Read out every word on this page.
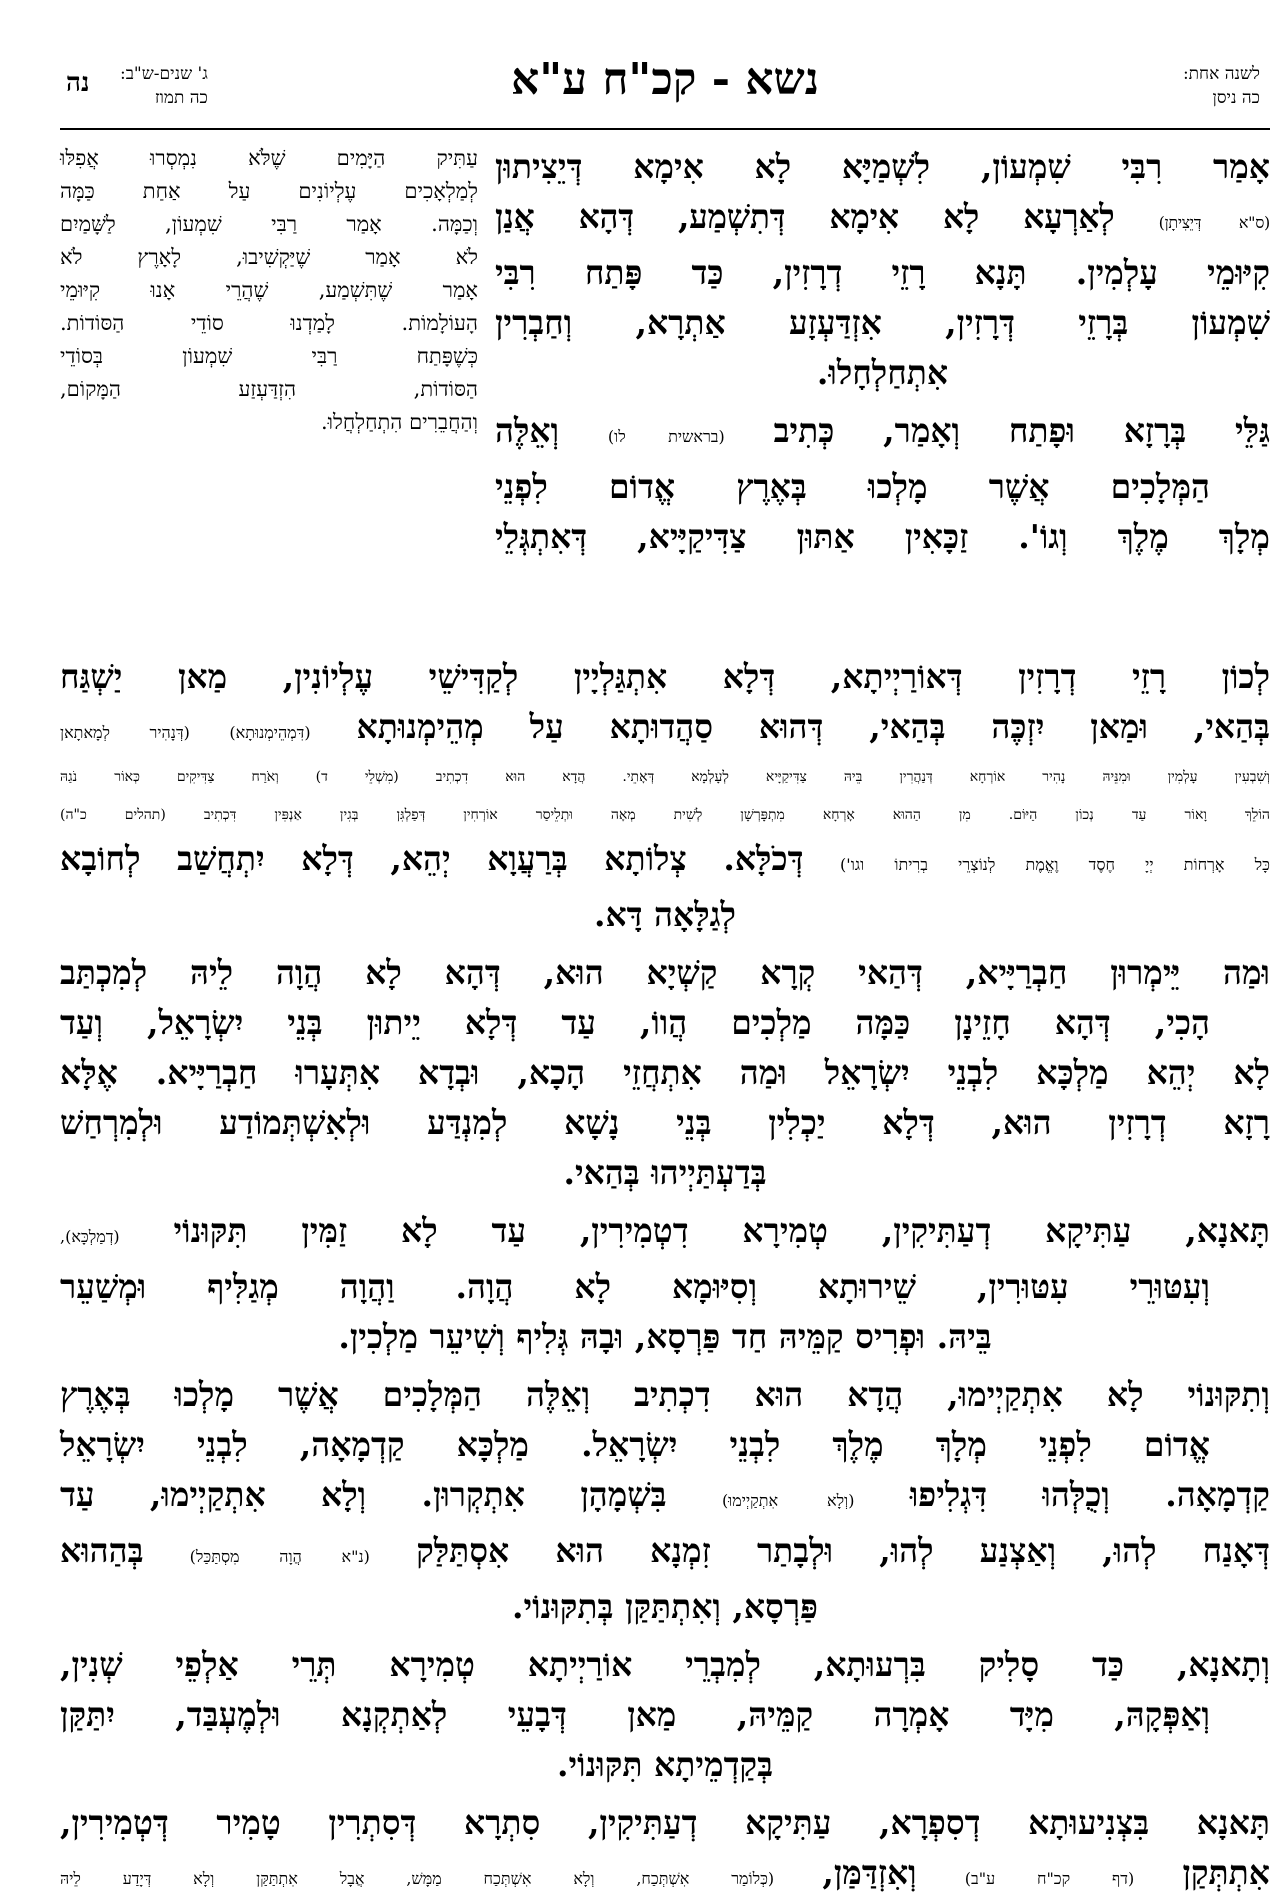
לשנה אחת:
כה ניסן
נשא - קכ"ח ע"א
ג' שנים-ש"ב:
כה תמוז
נה
עַתִּיק הַיָּמִים שֶׁלֹּא נִמְסְרוּ אֲפִלּוּ
לְמַלְאָכִים עֶלְיוֹנִים עַל אַחַת כַּמָּה
וְכַמָּה. אָמַר רַבִּי שִׁמְעוֹן, לַשָּׁמַיִם
לֹא אָמַר שֶׁיַּקְשִׁיבוּ, לָאָרֶץ לֹא
אָמַר שֶׁתִּשְׁמַע, שֶׁהֲרֵי אָנוּ קִיּוּמֵי
הָעוֹלָמוֹת. לָמַדְנוּ סוֹדֵי הַסּוֹדוֹת.
כְּשֶׁפָּתַח רַבִּי שִׁמְעוֹן בְּסוֹדֵי
הַסּוֹדוֹת, הִזְדַּעְזַע הַמָּקוֹם,
וְהַחֲבֵרִים הִתְחַלְחֲלוּ.
אָמַר רִבִּי שִׁמְעוֹן, לִשְׁמַיָּא לָא אִימָא דְּיֵצִיתוּן
(ס"א דְּיֵצִיתָן) לְאַרְעָא לָא אִימָא דְּתִשְׁמַע, דְּהָא אֲנַן
קִיּוּמֵי עָלְמִין. תָּנָא רָזֵי דְרָזִין, כַּד פָּתַח רִבִּי
שִׁמְעוֹן בְּרָזֵי דְּרָזִין, אִזְדַּעְזָע אַתְרָא, וְחַבְרִין
אִתְחַלְחָלוּ.
גַּלֵּי בְּרָזָא וּפָתַח וְאָמַר, כְּתִיב (בראשית לו) וְאֵלֶּה
הַמְּלָכִים אֲשֶׁר מָלְכוּ בְּאֶרֶץ אֱדוֹם לִפְנֵי
מְלָךְ מֶלֶךְ וְגוֹ'. זַכָּאִין אַתּוּן צַדִּיקַיָּיא, דְּאִתְגְּלֵי
לְכוֹן רָזֵי דְרָזִין דְּאוֹרַיְיתָא, דְּלָא אִתְגַּלְיָין לְקַדִּישֵׁי עֶלְיוֹנִין, מַאן יַשְׁגַּח
בְּהַאי, וּמַאן יִזְכֶּה בְּהַאי, דְּהוּא סַהֲדוּתָא עַל מְהֵימְנוּתָא (דִּמְהֵימְנוּתָא) (דְּנָהִיר לְמָאתָאן
וְשִׁבְעִין עָלְמִין וּמִנֵּיהּ נָהִיר אוֹרְחָא דְּנַהֲרִין בֵּיהּ צַדִּיקַיָּיא לְעָלְמָא דְּאָתֵי. הֲדָא הוּא דִכְתִיב (מִשְׁלֵי ד) וְאֹרַח צַדִּיקִים כְּאוֹר נֹגַהּ
הוֹלֵךְ וָאוֹר עַד נְכוֹן הַיּוֹם. מִן הַהוּא אָרְחָא מִתְפָּרְשָׁן לְשִׁית מְאָה וּתְלֵיסַר אוֹרְחִין דְּפַלְגִּן בְּגִין אַנְפִּין דִּכְתִיב (תהלים כ"ה)
כָּל אָרְחוֹת יְיָ חֶסֶד וֶאֱמֶת לְנוֹצְרֵי בְרִיתוֹ וגו') דְּכֹלָּא. צְלוֹתָא בְּרַעֲוָא יְהֵא, דְּלָא יִתְחֲשַׁב לְחוֹבָא
לְגַלָּאָה דָּא.
וּמַה יֵּימְרוּן חַבְרַיָּיא, דְּהַאי קְרָא קַשְׁיָא הוּא, דְּהָא לָא הֲוָה לֵיהּ לְמִכְתַּב
הָכִי, דְּהָא חָזֵינָן כַּמָּה מַלְכִים הֲווֹ, עַד דְּלָא יֵיתוּן בְּנֵי יִשְׂרָאֵל, וְעַד
לָא יְהֵא מַלְכָּא לִבְנֵי יִשְׂרָאֵל וּמַה אִתְחֲזֵי הָכָא, וּבְדָא אִתְּעָרוּ חַבְרַיָּיא. אֶלָּא
רָזָא דְרָזִין הוּא, דְּלָא יַכְלִין בְּנֵי נָשָׁא לְמִנְדַּע וּלְאִשְׁתְּמוֹדַע וּלְמִרְחַשׁ
בְּדַעְתַּיְיהוּ בְּהַאי.
תָּאנָא, עַתִּיקָא דְעַתִּיקִין, טְמִירָא דִטְמִירִין, עַד לָא זַמִּין תִּקּוּנוֹי (דְמַלְכָּא),
וְעִטּוּרֵי עִטּוּרִין, שֵׁירוּתָא וְסִיּוּמָא לָא הֲוָה. וַהֲוָה מְגַלִּיף וּמְשַׁעֵר
בֵּיהּ. וּפְרִיס קַמֵּיהּ חַד פַּרְסָא, וּבָהּ גְּלִיף וְשִׁיעֵר מַלְכִין.
וְתִקּוּנוֹי לָא אִתְקַיְימוּ, הֲדָא הוּא דִכְתִיב וְאֵלֶּה הַמְּלָכִים אֲשֶׁר מָלְכוּ בְּאֶרֶץ
אֱדוֹם לִפְנֵי מְלָךְ מֶלֶךְ לִבְנֵי יִשְׂרָאֵל. מַלְכָּא קַדְמָאָה, לִבְנֵי יִשְׂרָאֵל
קַדְמָאָה. וְכֻלְּהוּ דִּגְלִיפוּ (וְלָא אִתְקַיְימוּ) בִּשְׁמָהָן אִתְקְרוּן. וְלָא אִתְקַיְימוּ, עַד
דְּאָנַח לְהוּ, וְאַצְנַע לְהוּ, וּלְבָתַר זִמְנָא הוּא אִסְתַּלַּק (נ"א הֲוָה מִסְתַּכַּל) בְּהַהוּא
פַּרְסָא, וְאִתְתַּקַּן בְּתִקּוּנוֹי.
וְתָאנָא, כַּד סָלִיק בִּרְעוּתָא, לְמִבְרֵי אוֹרַיְיתָא טְמִירָא תְּרֵי אַלְפֵי שְׁנִין,
וְאַפְּקָהּ, מִיָּד אָמְרָה קַמֵּיהּ, מַאן דְּבָעֵי לְאַתְקְנָא וּלְמֶעְבַּד, יִתַּקַּן
בְּקַדְמֵיתָא תִּקּוּנוֹי.
תָּאנָא בִּצְנִיעוּתָא דְסִפְרָא, עַתִּיקָא דְעַתִּיקִין, סִתְרָא דְּסִתְרִין טָמִיר דְּטְמִירִין,
אִתְתְּקַן (דף קכ"ח ע"ב) וְאִזְדַּמַּן, (כְּלוֹמַר אִשְׁתְּכַח, וְלָא אִשְׁתְּכַח מַמָּשׁ, אֲבָל אִתְתַּקַּן וְלָא דְּיָדַע לֵיהּ
